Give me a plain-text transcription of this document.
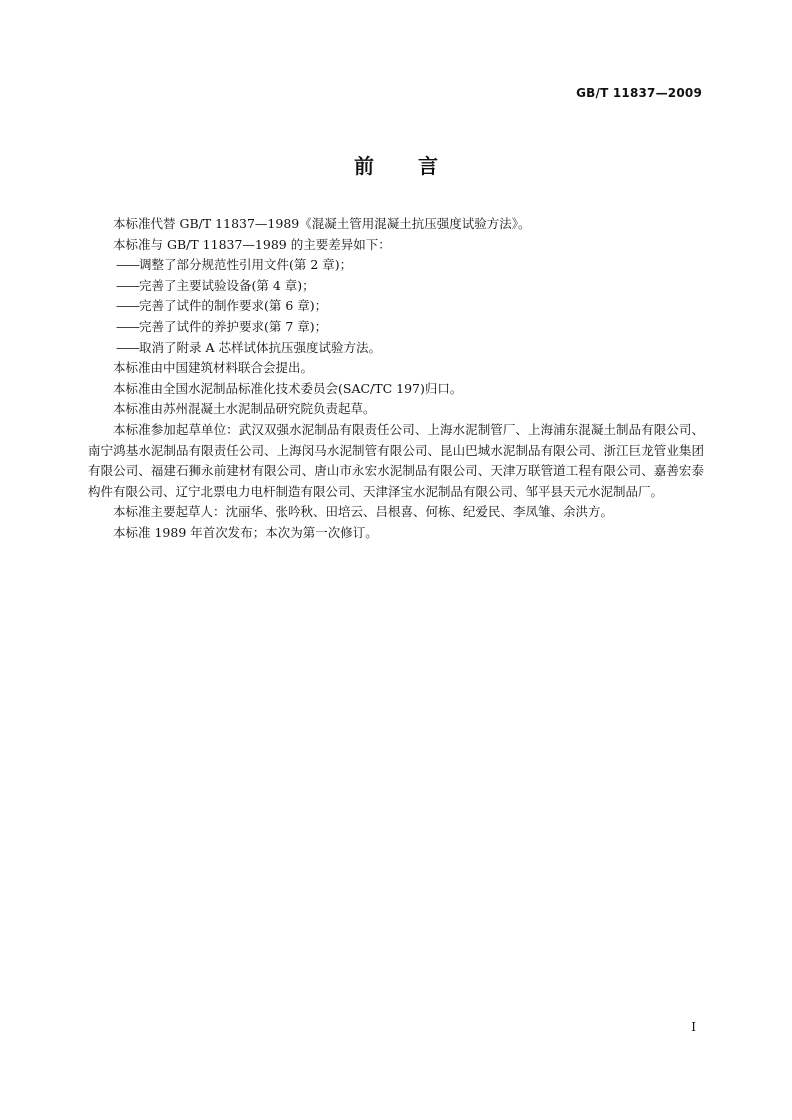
GB/T 11837—2009
前言

本标准代替 GB/T 11837—1989《混凝土管用混凝土抗压强度试验方法》。

本标准与 GB/T 11837—1989 的主要差异如下：

——调整了部分规范性引用文件(第 2 章)；

——完善了主要试验设备(第 4 章)；

——完善了试件的制作要求(第 6 章)；

——完善了试件的养护要求(第 7 章)；

——取消了附录 A 芯样试体抗压强度试验方法。

本标准由中国建筑材料联合会提出。

本标准由全国水泥制品标准化技术委员会(SAC/TC 197)归口。

本标准由苏州混凝土水泥制品研究院负责起草。

本标准参加起草单位：武汉双强水泥制品有限责任公司、上海水泥制管厂、上海浦东混凝土制品有限公司、南宁鸿基水泥制品有限责任公司、上海闵马水泥制管有限公司、昆山巴城水泥制品有限公司、浙江巨龙管业集团有限公司、福建石狮永前建材有限公司、唐山市永宏水泥制品有限公司、天津万联管道工程有限公司、嘉善宏泰构件有限公司、辽宁北票电力电杆制造有限公司、天津泽宝水泥制品有限公司、邹平县天元水泥制品厂。

本标准主要起草人：沈丽华、张吟秋、田培云、吕根喜、何栋、纪爱民、李凤雏、余洪方。

本标准 1989 年首次发布；本次为第一次修订。

I
